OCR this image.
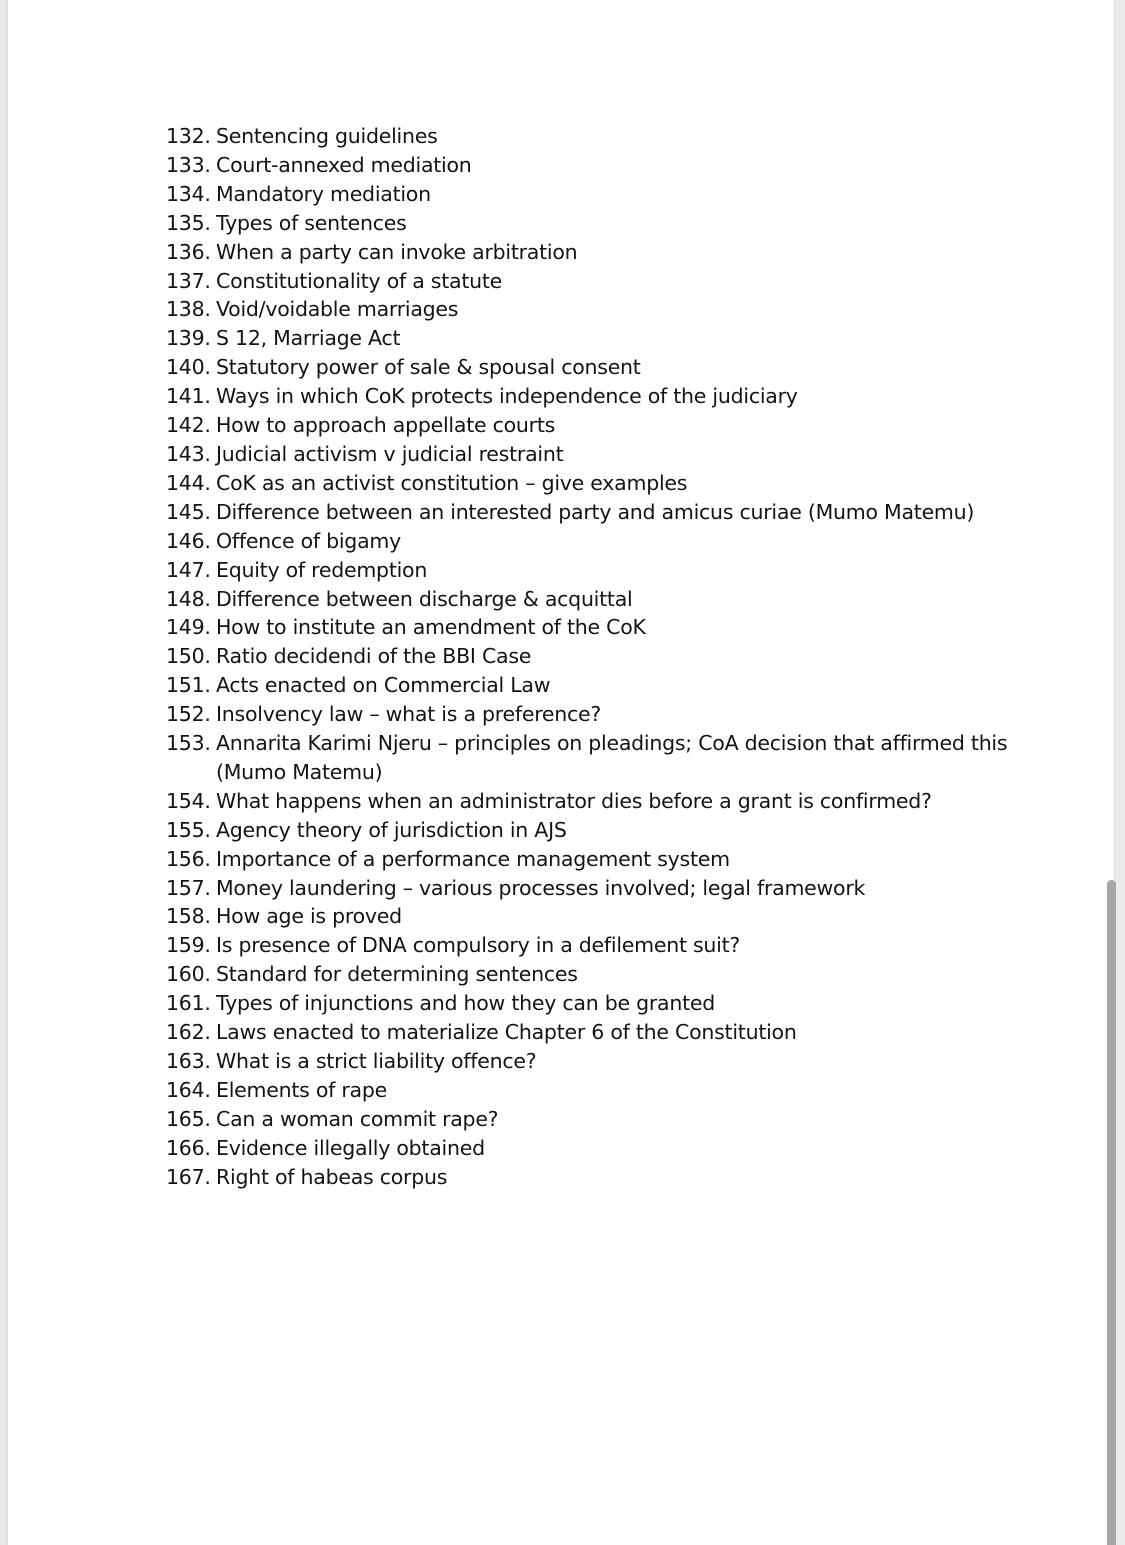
132. Sentencing guidelines
133. Court-annexed mediation
134. Mandatory mediation
135. Types of sentences
136. When a party can invoke arbitration
137. Constitutionality of a statute
138. Void/voidable marriages
139. S 12, Marriage Act
140. Statutory power of sale & spousal consent
141. Ways in which CoK protects independence of the judiciary
142. How to approach appellate courts
143. Judicial activism v judicial restraint
144. CoK as an activist constitution – give examples
145. Difference between an interested party and amicus curiae (Mumo Matemu)
146. Offence of bigamy
147. Equity of redemption
148. Difference between discharge & acquittal
149. How to institute an amendment of the CoK
150. Ratio decidendi of the BBI Case
151. Acts enacted on Commercial Law
152. Insolvency law – what is a preference?
153. Annarita Karimi Njeru – principles on pleadings; CoA decision that affirmed this (Mumo Matemu)
154. What happens when an administrator dies before a grant is confirmed?
155. Agency theory of jurisdiction in AJS
156. Importance of a performance management system
157. Money laundering – various processes involved; legal framework
158. How age is proved
159. Is presence of DNA compulsory in a defilement suit?
160. Standard for determining sentences
161. Types of injunctions and how they can be granted
162. Laws enacted to materialize Chapter 6 of the Constitution
163. What is a strict liability offence?
164. Elements of rape
165. Can a woman commit rape?
166. Evidence illegally obtained
167. Right of habeas corpus
